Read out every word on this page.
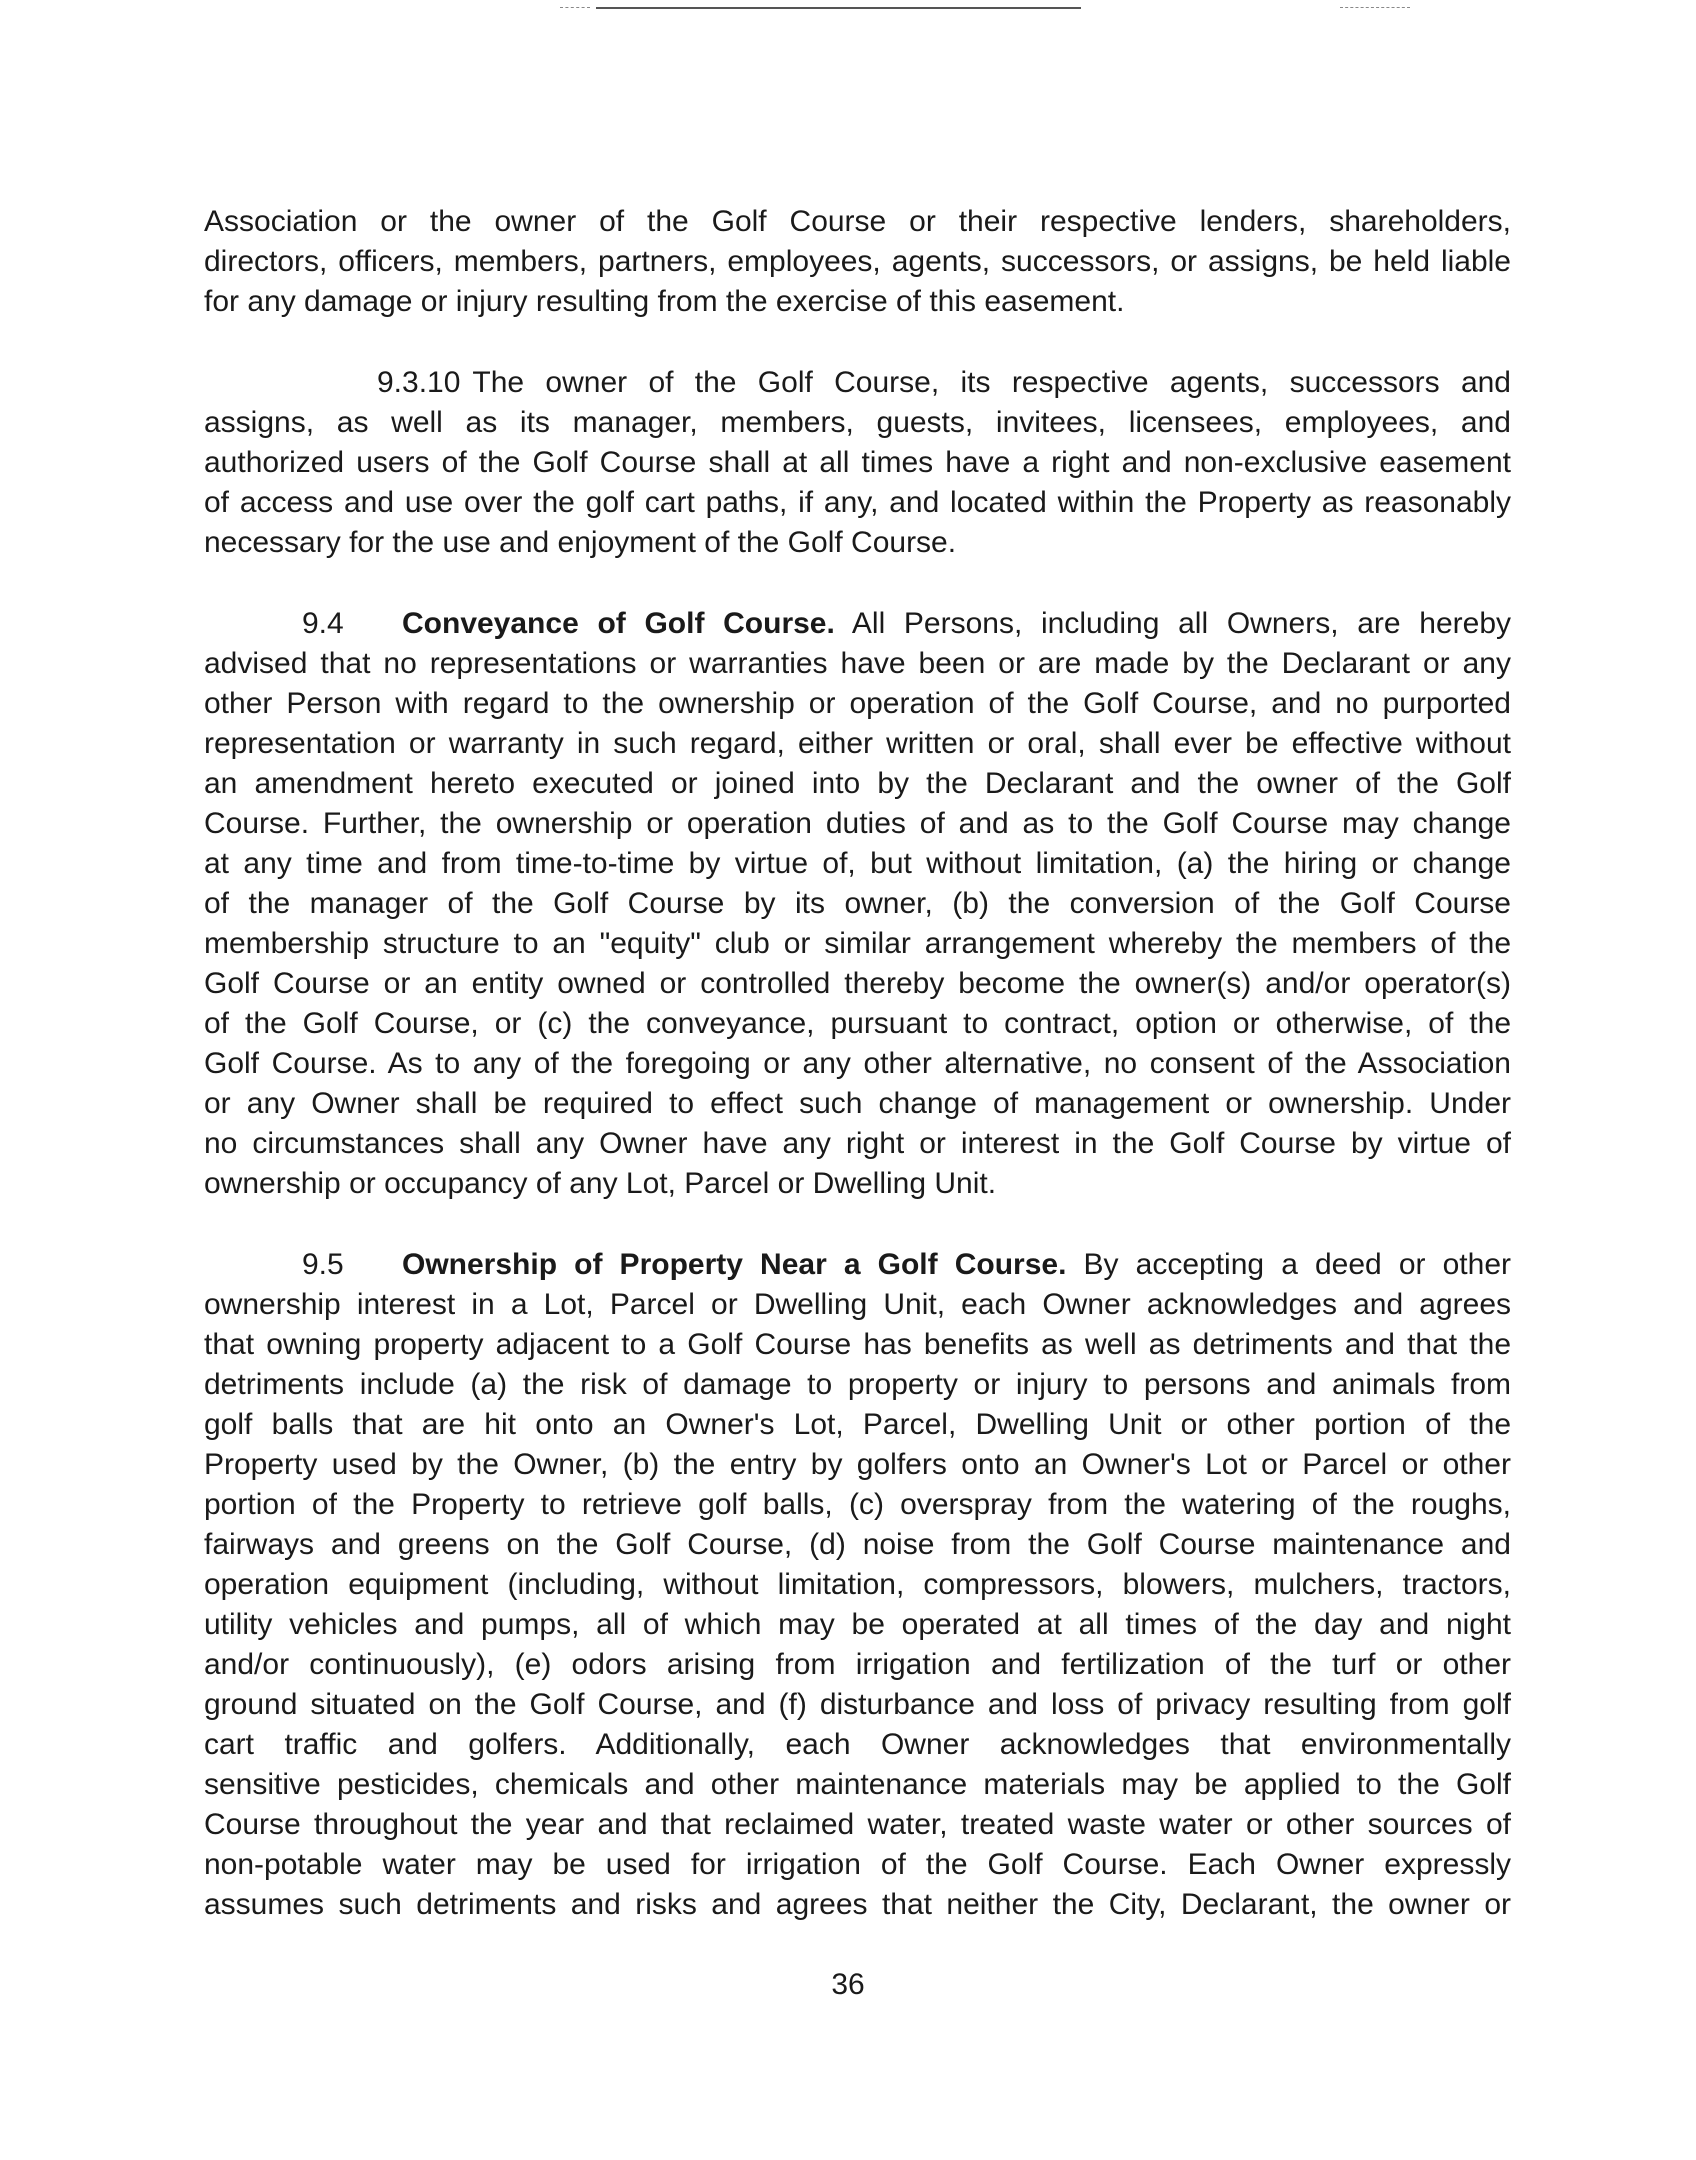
Association or the owner of the Golf Course or their respective lenders, shareholders,
directors, officers, members, partners, employees, agents, successors, or assigns, be held liable
for any damage or injury resulting from the exercise of this easement.
9.3.10 The owner of the Golf Course, its respective agents, successors and
assigns, as well as its manager, members, guests, invitees, licensees, employees, and
authorized users of the Golf Course shall at all times have a right and non-exclusive easement
of access and use over the golf cart paths, if any, and located within the Property as reasonably
necessary for the use and enjoyment of the Golf Course.
9.4 Conveyance of Golf Course. All Persons, including all Owners, are hereby
advised that no representations or warranties have been or are made by the Declarant or any
other Person with regard to the ownership or operation of the Golf Course, and no purported
representation or warranty in such regard, either written or oral, shall ever be effective without
an amendment hereto executed or joined into by the Declarant and the owner of the Golf
Course. Further, the ownership or operation duties of and as to the Golf Course may change
at any time and from time-to-time by virtue of, but without limitation, (a) the hiring or change
of the manager of the Golf Course by its owner, (b) the conversion of the Golf Course
membership structure to an "equity" club or similar arrangement whereby the members of the
Golf Course or an entity owned or controlled thereby become the owner(s) and/or operator(s)
of the Golf Course, or (c) the conveyance, pursuant to contract, option or otherwise, of the
Golf Course. As to any of the foregoing or any other alternative, no consent of the Association
or any Owner shall be required to effect such change of management or ownership. Under
no circumstances shall any Owner have any right or interest in the Golf Course by virtue of
ownership or occupancy of any Lot, Parcel or Dwelling Unit.
9.5 Ownership of Property Near a Golf Course. By accepting a deed or other
ownership interest in a Lot, Parcel or Dwelling Unit, each Owner acknowledges and agrees
that owning property adjacent to a Golf Course has benefits as well as detriments and that the
detriments include (a) the risk of damage to property or injury to persons and animals from
golf balls that are hit onto an Owner's Lot, Parcel, Dwelling Unit or other portion of the
Property used by the Owner, (b) the entry by golfers onto an Owner's Lot or Parcel or other
portion of the Property to retrieve golf balls, (c) overspray from the watering of the roughs,
fairways and greens on the Golf Course, (d) noise from the Golf Course maintenance and
operation equipment (including, without limitation, compressors, blowers, mulchers, tractors,
utility vehicles and pumps, all of which may be operated at all times of the day and night
and/or continuously), (e) odors arising from irrigation and fertilization of the turf or other
ground situated on the Golf Course, and (f) disturbance and loss of privacy resulting from golf
cart traffic and golfers. Additionally, each Owner acknowledges that environmentally
sensitive pesticides, chemicals and other maintenance materials may be applied to the Golf
Course throughout the year and that reclaimed water, treated waste water or other sources of
non-potable water may be used for irrigation of the Golf Course. Each Owner expressly
assumes such detriments and risks and agrees that neither the City, Declarant, the owner or
36
